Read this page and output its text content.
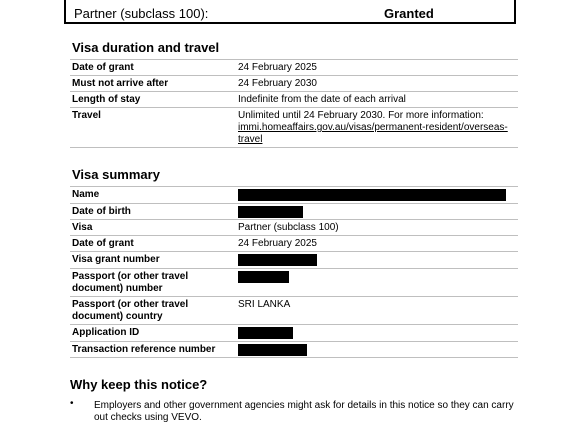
Partner (subclass 100):	Granted
Visa duration and travel
Date of grant	24 February 2025
Must not arrive after	24 February 2030
Length of stay	Indefinite from the date of each arrival
Travel	Unlimited until 24 February 2030. For more information:
immi.homeaffairs.gov.au/visas/permanent-resident/overseas-travel
Visa summary
Name	
Date of birth	
Visa	Partner (subclass 100)
Date of grant	24 February 2025
Visa grant number	
Passport (or other travel document) number	
Passport (or other travel document) country	SRI LANKA
Application ID	
Transaction reference number	
Why keep this notice?
• Employers and other government agencies might ask for details in this notice so they can carry out checks using VEVO.
